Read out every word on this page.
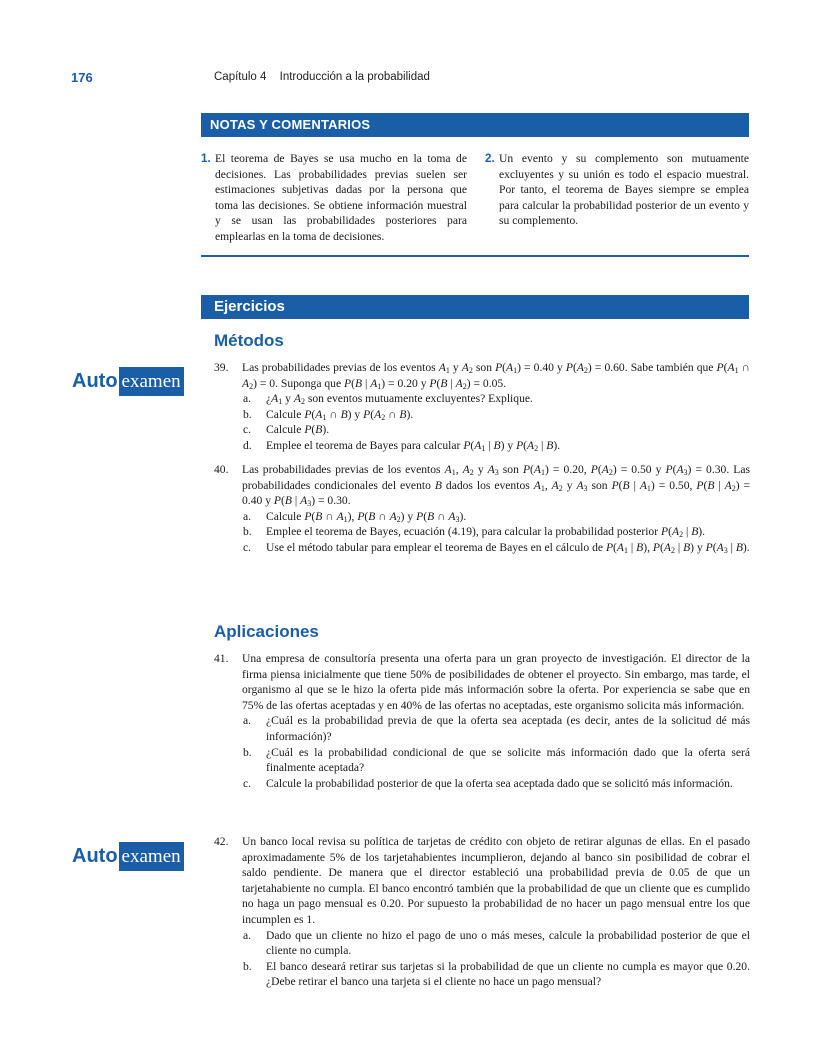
176	Capítulo 4 Introducción a la probabilidad
NOTAS Y COMENTARIOS
1. El teorema de Bayes se usa mucho en la toma de decisiones. Las probabilidades previas suelen ser estimaciones subjetivas dadas por la persona que toma las decisiones. Se obtiene información muestral y se usan las probabilidades posteriores para emplearlas en la toma de decisiones.
2. Un evento y su complemento son mutuamente excluyentes y su unión es todo el espacio muestral. Por tanto, el teorema de Bayes siempre se emplea para calcular la probabilidad posterior de un evento y su complemento.
Ejercicios
Métodos
Auto examen
39. Las probabilidades previas de los eventos $A_1$ y $A_2$ son $P(A_1) = 0.40$ y $P(A_2) = 0.60$. Sabe también que $P(A_1$ ∩ $A_2) = 0$. Suponga que P(B | $A_1) = 0.20$ y P(B | $A_2) = 0.05$.
a. ¿$A_1$ y $A_2$ son eventos mutuamente excluyentes? Explique.
b. Calcule $P(A_1$ ∩ B) y $P(A_2$ ∩ B).
c. Calcule P(B).
d. Emplee el teorema de Bayes para calcular $P(A_1$ | B) y $P(A_2$ | B).
40. Las probabilidades previas de los eventos $A_1$, $A_2$ y $A_3$ son $P(A_1) = 0.20$, $P(A_2) = 0.50$ y $P(A_3) = 0.30$. Las probabilidades condicionales del evento B dados los eventos $A_1$, $A_2$ y $A_3$ son P(B | $A_1) = 0.50$, P(B | $A_2) = 0.40$ y P(B | $A_3) = 0.30$.
a. Calcule P(B ∩ $A_1$), P(B ∩ $A_2$) y P(B ∩ $A_3$).
b. Emplee el teorema de Bayes, ecuación (4.19), para calcular la probabilidad posterior $P(A_2$ | B).
c. Use el método tabular para emplear el teorema de Bayes en el cálculo de $P(A_1$ | B), $P(A_2$ | B) y $P(A_3$ | B).
Aplicaciones
41. Una empresa de consultoría presenta una oferta para un gran proyecto de investigación. El director de la firma piensa inicialmente que tiene 50% de posibilidades de obtener el proyecto. Sin embargo, mas tarde, el organismo al que se le hizo la oferta pide más información sobre la oferta. Por experiencia se sabe que en 75% de las ofertas aceptadas y en 40% de las ofertas no aceptadas, este organismo solicita más información.
a. ¿Cuál es la probabilidad previa de que la oferta sea aceptada (es decir, antes de la solicitud dé más información)?
b. ¿Cuál es la probabilidad condicional de que se solicite más información dado que la oferta será finalmente aceptada?
c. Calcule la probabilidad posterior de que la oferta sea aceptada dado que se solicitó más información.
Auto examen
42. Un banco local revisa su política de tarjetas de crédito con objeto de retirar algunas de ellas. En el pasado aproximadamente 5% de los tarjetahabientes incumplieron, dejando al banco sin posibilidad de cobrar el saldo pendiente. De manera que el director estableció una probabilidad previa de 0.05 de que un tarjetahabiente no cumpla. El banco encontró también que la probabilidad de que un cliente que es cumplido no haga un pago mensual es 0.20. Por supuesto la probabilidad de no hacer un pago mensual entre los que incumplen es 1.
a. Dado que un cliente no hizo el pago de uno o más meses, calcule la probabilidad posterior de que el cliente no cumpla.
b. El banco deseará retirar sus tarjetas si la probabilidad de que un cliente no cumpla es mayor que 0.20. ¿Debe retirar el banco una tarjeta si el cliente no hace un pago mensual?
